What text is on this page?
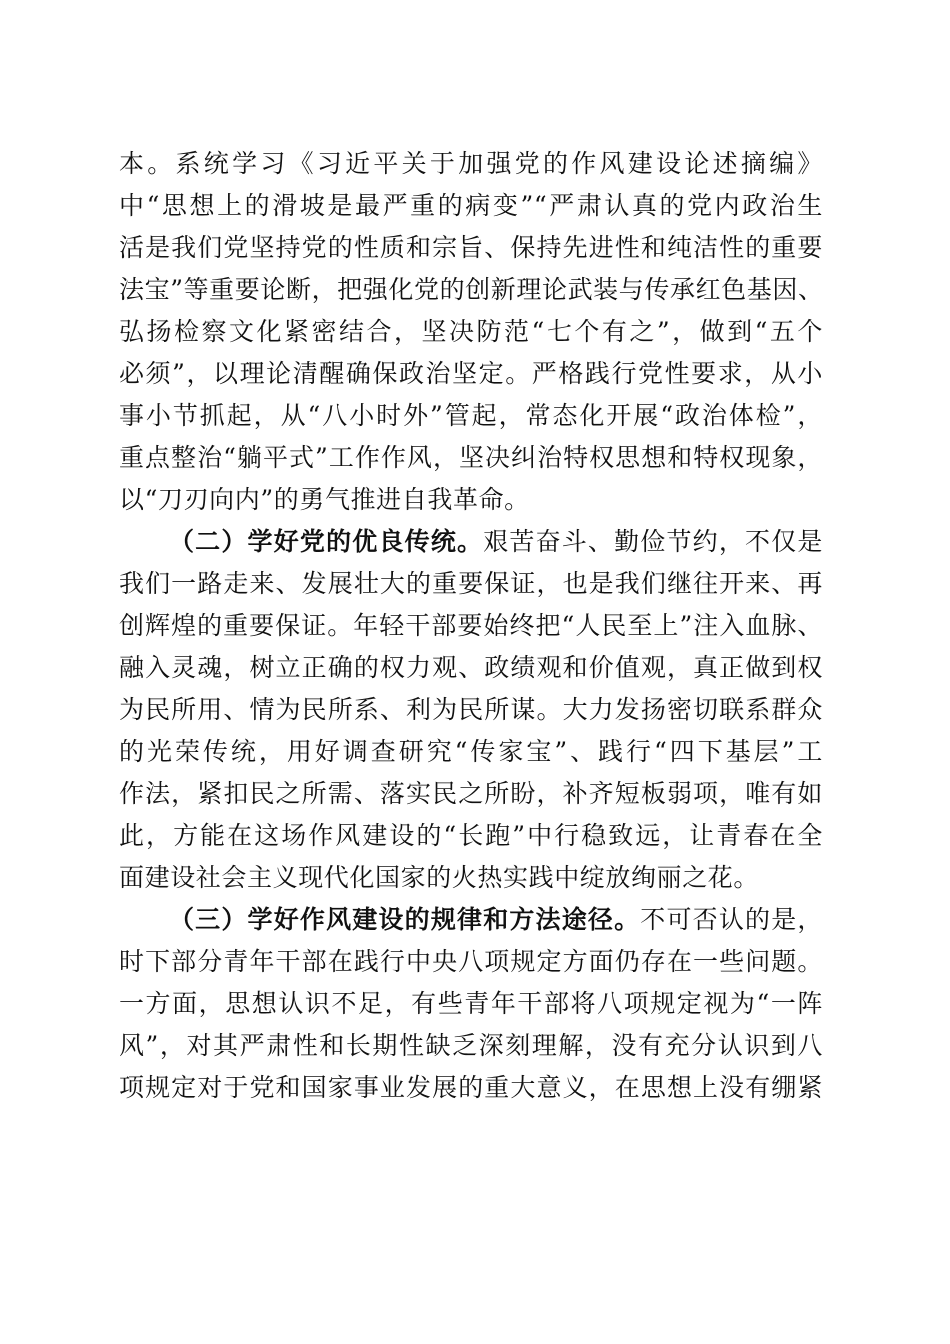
本。系统学习《习近平关于加强党的作风建设论述摘编》
中“思想上的滑坡是最严重的病变”“严肃认真的党内政治生
活是我们党坚持党的性质和宗旨、保持先进性和纯洁性的重要
法宝”等重要论断，把强化党的创新理论武装与传承红色基因、
弘扬检察文化紧密结合，坚决防范“七个有之”，做到“五个
必须”，以理论清醒确保政治坚定。严格践行党性要求，从小
事小节抓起，从“八小时外”管起，常态化开展“政治体检”，
重点整治“躺平式”工作作风，坚决纠治特权思想和特权现象，
以“刀刃向内”的勇气推进自我革命。

（二）学好党的优良传统。艰苦奋斗、勤俭节约，不仅是
我们一路走来、发展壮大的重要保证，也是我们继往开来、再
创辉煌的重要保证。年轻干部要始终把“人民至上”注入血脉、
融入灵魂，树立正确的权力观、政绩观和价值观，真正做到权
为民所用、情为民所系、利为民所谋。大力发扬密切联系群众
的光荣传统，用好调查研究“传家宝”、践行“四下基层”工
作法，紧扣民之所需、落实民之所盼，补齐短板弱项，唯有如
此，方能在这场作风建设的“长跑”中行稳致远，让青春在全
面建设社会主义现代化国家的火热实践中绽放绚丽之花。

（三）学好作风建设的规律和方法途径。不可否认的是，
时下部分青年干部在践行中央八项规定方面仍存在一些问题。
一方面，思想认识不足，有些青年干部将八项规定视为“一阵
风”，对其严肃性和长期性缺乏深刻理解，没有充分认识到八
项规定对于党和国家事业发展的重大意义，在思想上没有绷紧
